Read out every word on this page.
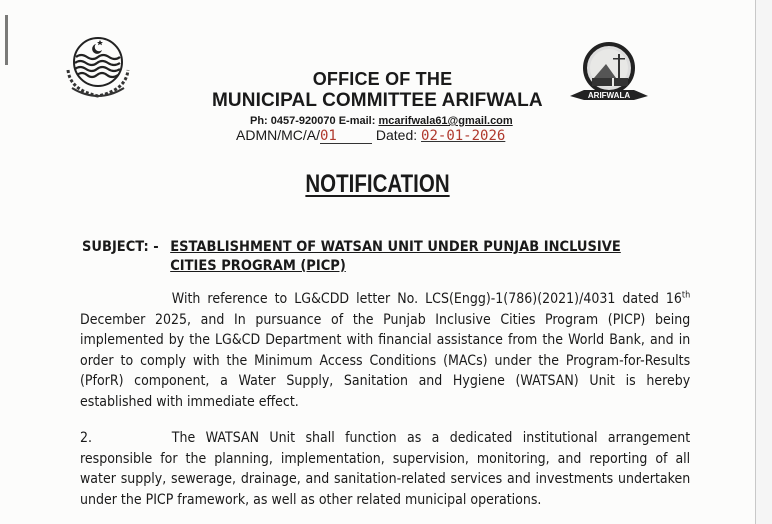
ARIFWALA
OFFICE OF THE
MUNICIPAL COMMITTEE ARIFWALA
Ph: 0457-920070 E-mail: mcarifwala61@gmail.com
ADMN/MC/A/01	Dated: 02-01-2026
NOTIFICATION
SUBJECT: - ESTABLISHMENT OF WATSAN UNIT UNDER PUNJAB INCLUSIVE
CITIES PROGRAM (PICP)
With reference to LG&CDD letter No. LCS(Engg)-1(786)(2021)/4031 dated 16th December 2025, and In pursuance of the Punjab Inclusive Cities Program (PICP) being implemented by the LG&CD Department with financial assistance from the World Bank, and in order to comply with the Minimum Access Conditions (MACs) under the Program-for-Results (PforR) component, a Water Supply, Sanitation and Hygiene (WATSAN) Unit is hereby established with immediate effect.
2.	The WATSAN Unit shall function as a dedicated institutional arrangement responsible for the planning, implementation, supervision, monitoring, and reporting of all water supply, sewerage, drainage, and sanitation-related services and investments undertaken under the PICP framework, as well as other related municipal operations.
